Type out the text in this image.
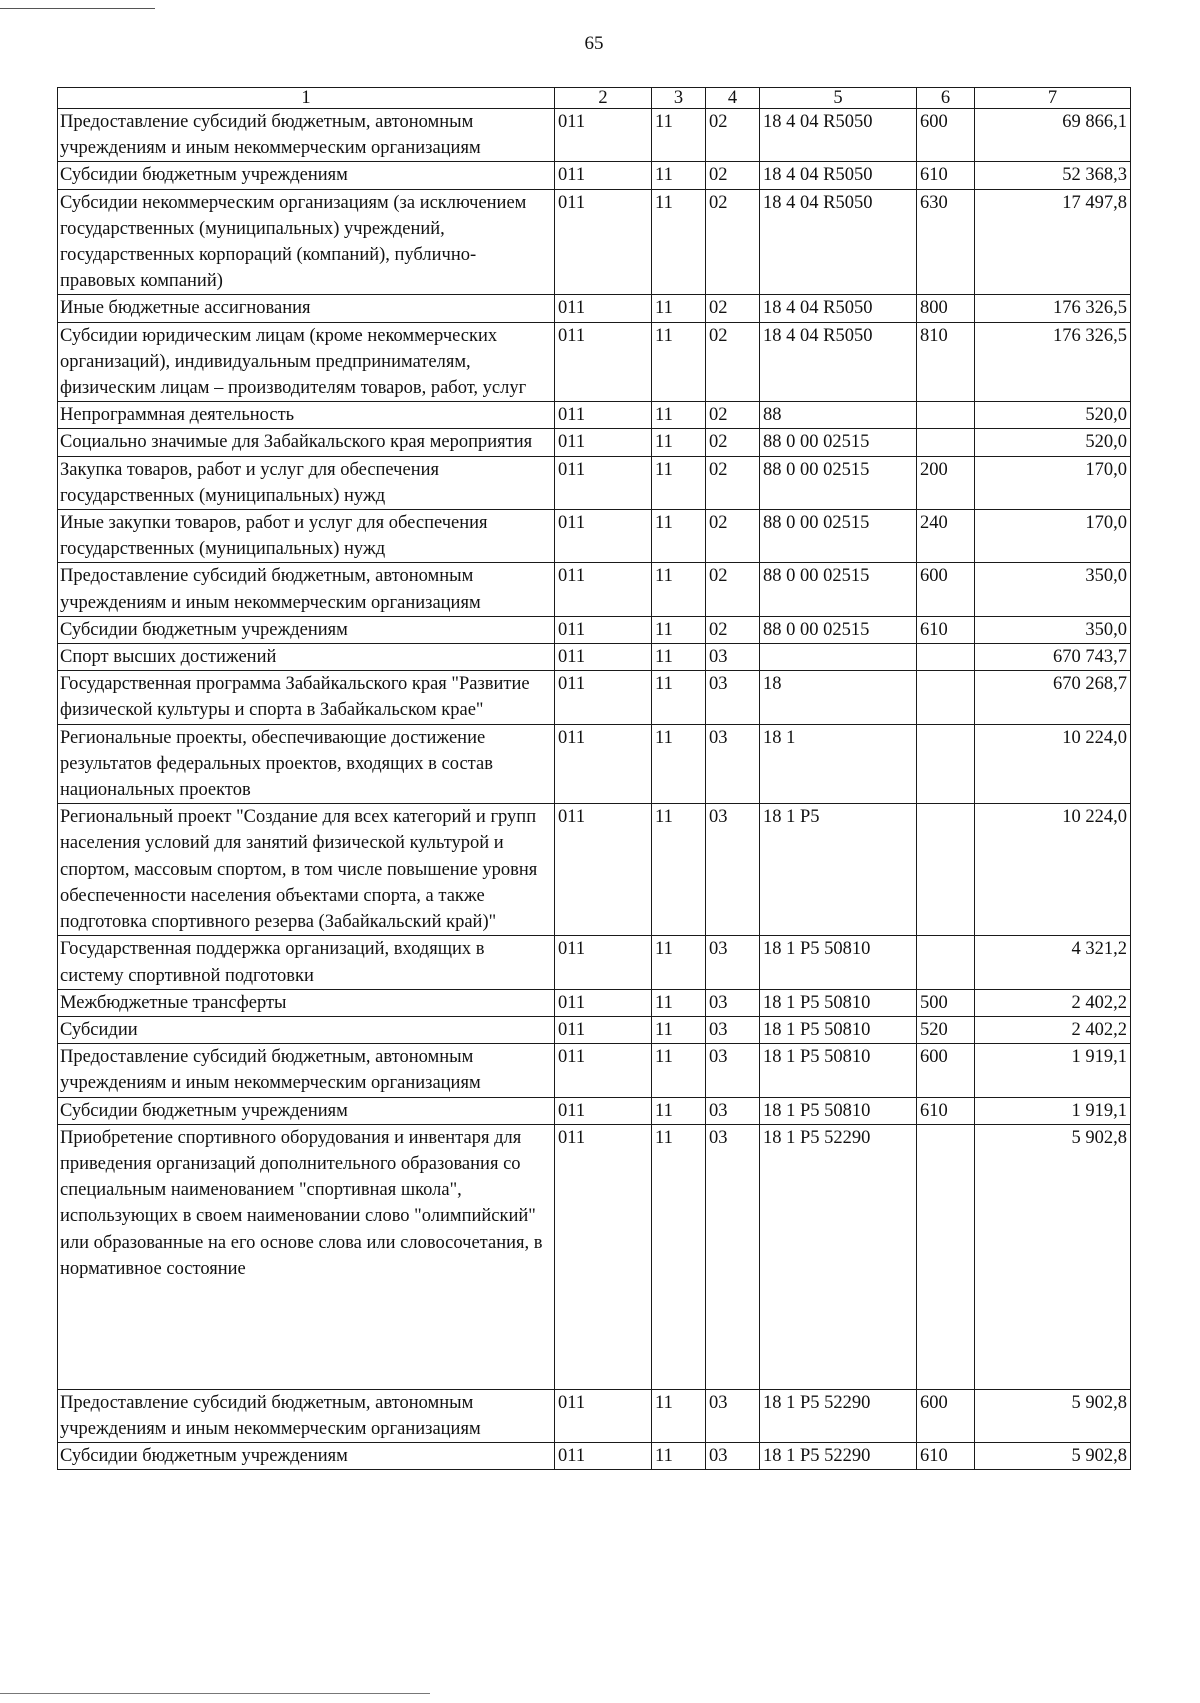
65
1	2	3	4	5	6	7
Предоставление субсидий бюджетным, автономным учреждениям и иным некоммерческим организациям	011	11	02	18 4 04 R5050	600	69 866,1
Субсидии бюджетным учреждениям	011	11	02	18 4 04 R5050	610	52 368,3
Субсидии некоммерческим организациям (за исключением государственных (муниципальных) учреждений, государственных корпораций (компаний), публично-правовых компаний)	011	11	02	18 4 04 R5050	630	17 497,8
Иные бюджетные ассигнования	011	11	02	18 4 04 R5050	800	176 326,5
Субсидии юридическим лицам (кроме некоммерческих организаций), индивидуальным предпринимателям, физическим лицам – производителям товаров, работ, услуг	011	11	02	18 4 04 R5050	810	176 326,5
Непрограммная деятельность	011	11	02	88		520,0
Социально значимые для Забайкальского края мероприятия	011	11	02	88 0 00 02515		520,0
Закупка товаров, работ и услуг для обеспечения государственных (муниципальных) нужд	011	11	02	88 0 00 02515	200	170,0
Иные закупки товаров, работ и услуг для обеспечения государственных (муниципальных) нужд	011	11	02	88 0 00 02515	240	170,0
Предоставление субсидий бюджетным, автономным учреждениям и иным некоммерческим организациям	011	11	02	88 0 00 02515	600	350,0
Субсидии бюджетным учреждениям	011	11	02	88 0 00 02515	610	350,0
Спорт высших достижений	011	11	03			670 743,7
Государственная программа Забайкальского края "Развитие физической культуры и спорта в Забайкальском крае"	011	11	03	18		670 268,7
Региональные проекты, обеспечивающие достижение результатов федеральных проектов, входящих в состав национальных проектов	011	11	03	18 1		10 224,0
Региональный проект "Создание для всех категорий и групп населения условий для занятий физической культурой и спортом, массовым спортом, в том числе повышение уровня обеспеченности населения объектами спорта, а также подготовка спортивного резерва (Забайкальский край)"	011	11	03	18 1 P5		10 224,0
Государственная поддержка организаций, входящих в систему спортивной подготовки	011	11	03	18 1 P5 50810		4 321,2
Межбюджетные трансферты	011	11	03	18 1 P5 50810	500	2 402,2
Субсидии	011	11	03	18 1 P5 50810	520	2 402,2
Предоставление субсидий бюджетным, автономным учреждениям и иным некоммерческим организациям	011	11	03	18 1 P5 50810	600	1 919,1
Субсидии бюджетным учреждениям	011	11	03	18 1 P5 50810	610	1 919,1
Приобретение спортивного оборудования и инвентаря для приведения организаций дополнительного образования со специальным наименованием "спортивная школа", использующих в своем наименовании слово "олимпийский" или образованные на его основе слова или словосочетания, в нормативное состояние	011	11	03	18 1 P5 52290		5 902,8
Предоставление субсидий бюджетным, автономным учреждениям и иным некоммерческим организациям	011	11	03	18 1 P5 52290	600	5 902,8
Субсидии бюджетным учреждениям	011	11	03	18 1 P5 52290	610	5 902,8
